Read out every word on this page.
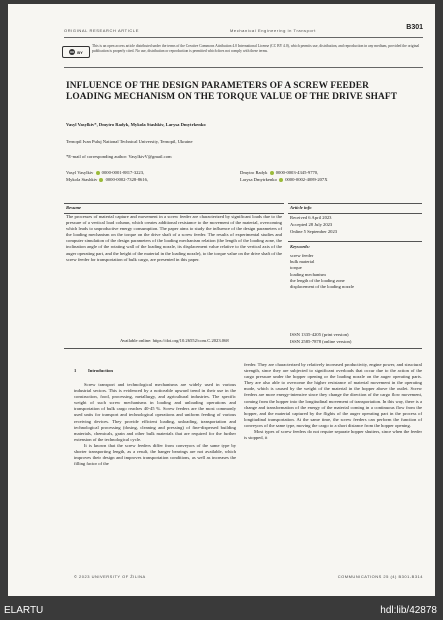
ORIGINAL RESEARCH ARTICLE	Mechanical Engineering in Transport	B301
cc BY
This is an open access article distributed under the terms of the Creative Commons Attribution 4.0 International License (CC BY 4.0), which permits use, distribution, and reproduction in any medium, provided the original publication is properly cited. No use, distribution or reproduction is permitted which does not comply with these terms.
INFLUENCE OF THE DESIGN PARAMETERS OF A SCREW FEEDER LOADING MECHANISM ON THE TORQUE VALUE OF THE DRIVE SHAFT
Vasyl Vasylkiv*, Dmytro Radyk, Mykola Stashkiv, Larysa Dmytrkenko
Ternopil Ivan Puluj National Technical University, Ternopil, Ukraine
*E-mail of corresponding author: VasylkivV@gmail.com
Vasyl Vasylkiv 0000-0001-8817-3223,
Mykola Stashkiv 0000-0002-7328-8616,
Dmytro Radyk 0000-0003-4345-9770,
Larysa Dmytrkenko 0000-0002-4089-207X
Resume
The processes of material capture and movement in a screw feeder are characterized by significant loads due to the pressure of a vertical load column, which creates additional resistance to the movement of the material, overcoming which leads to unproductive energy consumption. The paper aims to study the influence of the design parameters of the loading mechanism on the torque on the drive shaft of a screw feeder. The results of experimental studies and computer simulation of the design parameters of the loading mechanism relation (the length of the loading zone, the inclination angle of the rotating wall of the loading nozzle, its displacement value relative to the vertical axis of the auger operating part, and the height of the material in the loading nozzle), to the torque value on the drive shaft of the screw feeder for transportation of bulk cargo, are presented in this paper.
Available online: https://doi.org/10.26552/com.C.2023.068
Article info
Received 6 April 2023
Accepted 28 July 2023
Online 5 September 2023
Keywords:
screw feeder
bulk material
torque
loading mechanism
the length of the loading zone
displacement of the loading nozzle
ISSN 1335-4205 (print version)
ISSN 2585-7878 (online version)
1	Introduction
Screw transport and technological mechanisms are widely used in various industrial sectors. This is evidenced by a noticeable upward trend in their use in the construction, food, processing, metallurgy, and agricultural industries. The specific weight of such screw mechanisms in loading and unloading operations and transportation of bulk cargo reaches 40-45 %. Screw feeders are the most commonly used units for transport and technological operations and uniform feeding of various receiving devices. They provide efficient loading, unloading, transportation and technological processing (dosing, cleaning and pressing) of fine-dispersed building materials, chemicals, grain and other bulk materials that are required for the further extension of the technological cycle.
It is known that the screw feeders differ from conveyors of the same type by shorter transporting length, as a result, the hanger bearings are not available, which improves their design and improves transportation conditions, as well as increases the filling factor of the
feeder. They are characterized by relatively increased productivity, engine power, and structural strength, since they are subjected to significant overloads that occur due to the action of the cargo pressure under the hopper opening or the loading nozzle on the auger operating parts. They are also able to overcome the higher resistance of material movement in the operating mode, which is caused by the weight of the material in the hopper above the outlet. Screw feeders are more energy-intensive since they change the direction of the cargo flow movement, coming from the hopper into the longitudinal movement of transportation. In this way, there is a change and transformation of the energy of the material coming in a continuous flow from the hopper, and the material captured by the flights of the auger operating part in the process of longitudinal transportation. At the same time, the screw feeders can perform the function of conveyors of the same type, moving the cargo to a short distance from the hopper opening.
Most types of screw feeders do not require separate hopper shutters, since when the feeder is stopped, it
© 2023 UNIVERSITY OF ŽILINA	COMMUNICATIONS 25 (4) B301-B314
ELARTU	hdl:lib/42878
